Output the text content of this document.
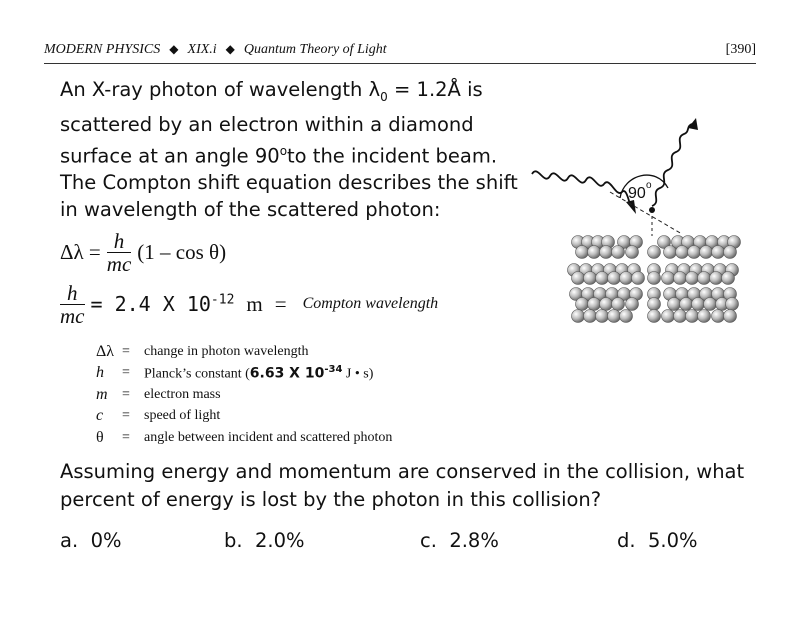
MODERN PHYSICS ◆ XIX.i ◆ Quantum Theory of Light	[390]
An X-ray photon of wavelength $\lambda_0$ = 1.2Å is scattered by an electron within a diamond surface at an angle 90$^o$to the incident beam. The Compton shift equation describes the shift in wavelength of the scattered photon:
$\Delta\lambda = \frac{h}{mc} (1 - \cos \theta)$
$\frac{h}{mc} = 2.4$ X $10^{-12}$ m = Compton wavelength
Δλ =	change in photon wavelength
h	=	Planck’s constant (6.63 X $10^{-34}$ J • s)
m	=	electron mass
c	=	speed of light
θ	=	angle between incident and scattered photon
Assuming energy and momentum are conserved in the collision, what percent of energy is lost by the photon in this collision?
a. 0%	b. 2.0%	c. 2.8%	d. 5.0%
90 o
